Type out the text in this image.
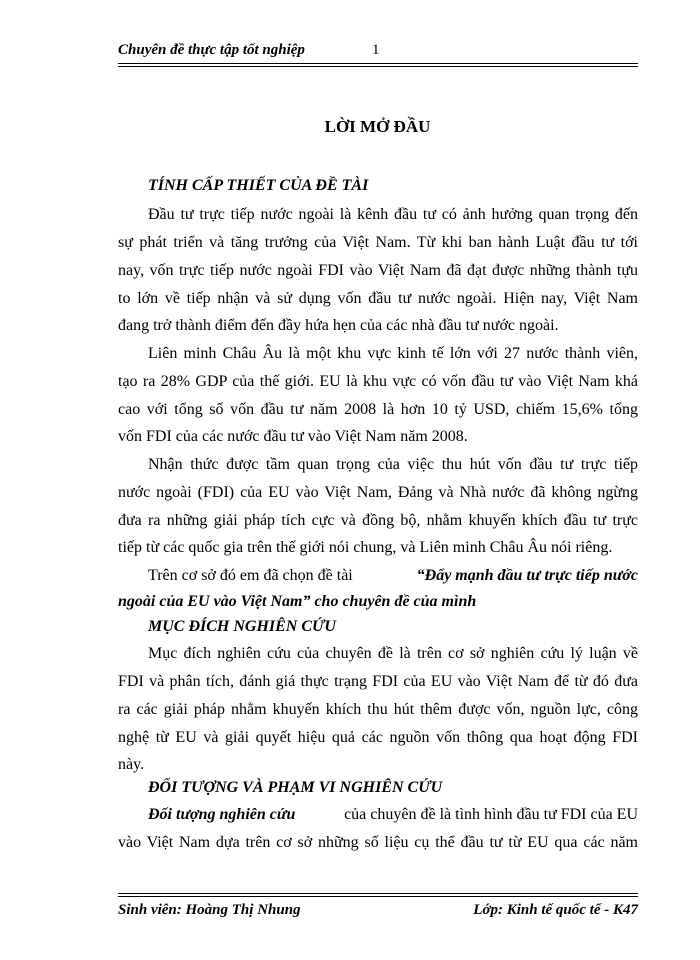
Chuyên đề thực tập tốt nghiệp	1
LỜI MỞ ĐẦU
TÍNH CẤP THIẾT CỦA ĐỀ TÀI
Đầu tư trực tiếp nước ngoài là kênh đầu tư có ảnh hưởng quan trọng đến
sự phát triển và tăng trưởng của Việt Nam. Từ khi ban hành Luật đầu tư tới
nay, vốn trực tiếp nước ngoài FDI vào Việt Nam đã đạt được những thành tựu
to lớn về tiếp nhận và sử dụng vốn đầu tư nước ngoài. Hiện nay, Việt Nam
đang trở thành điểm đến đầy hứa hẹn của các nhà đầu tư nước ngoài.
Liên minh Châu Âu là một khu vực kinh tế lớn với 27 nước thành viên,
tạo ra 28% GDP của thế giới. EU là khu vực có vốn đầu tư vào Việt Nam khá
cao với tổng số vốn đầu tư năm 2008 là hơn 10 tỷ USD, chiếm 15,6% tổng
vốn FDI của các nước đầu tư vào Việt Nam năm 2008.
Nhận thức được tầm quan trọng của việc thu hút vốn đầu tư trực tiếp
nước ngoài (FDI) của EU vào Việt Nam, Đảng và Nhà nước đã không ngừng
đưa ra những giải pháp tích cực và đồng bộ, nhằm khuyến khích đầu tư trực
tiếp từ các quốc gia trên thế giới nói chung, và Liên minh Châu Âu nói riêng.
Trên cơ sở đó em đã chọn đề tài	“Đẩy mạnh đầu tư trực tiếp nước
ngoài của EU vào Việt Nam” cho chuyên đề của mình
MỤC ĐÍCH NGHIÊN CỨU
Mục đích nghiên cứu của chuyên đề là trên cơ sở nghiên cứu lý luận về
FDI và phân tích, đánh giá thực trạng FDI của EU vào Việt Nam để từ đó đưa
ra các giải pháp nhằm khuyến khích thu hút thêm được vốn, nguồn lực, công
nghệ từ EU và giải quyết hiệu quả các nguồn vốn thông qua hoạt động FDI
này.
ĐỐI TƯỢNG VÀ PHẠM VI NGHIÊN CỨU
Đối tượng nghiên cứu	của chuyên đề là tình hình đầu tư FDI của EU
vào Việt Nam dựa trên cơ sở những số liệu cụ thể đầu tư từ EU qua các năm
Sinh viên: Hoàng Thị Nhung	Lớp: Kinh tế quốc tế - K47
